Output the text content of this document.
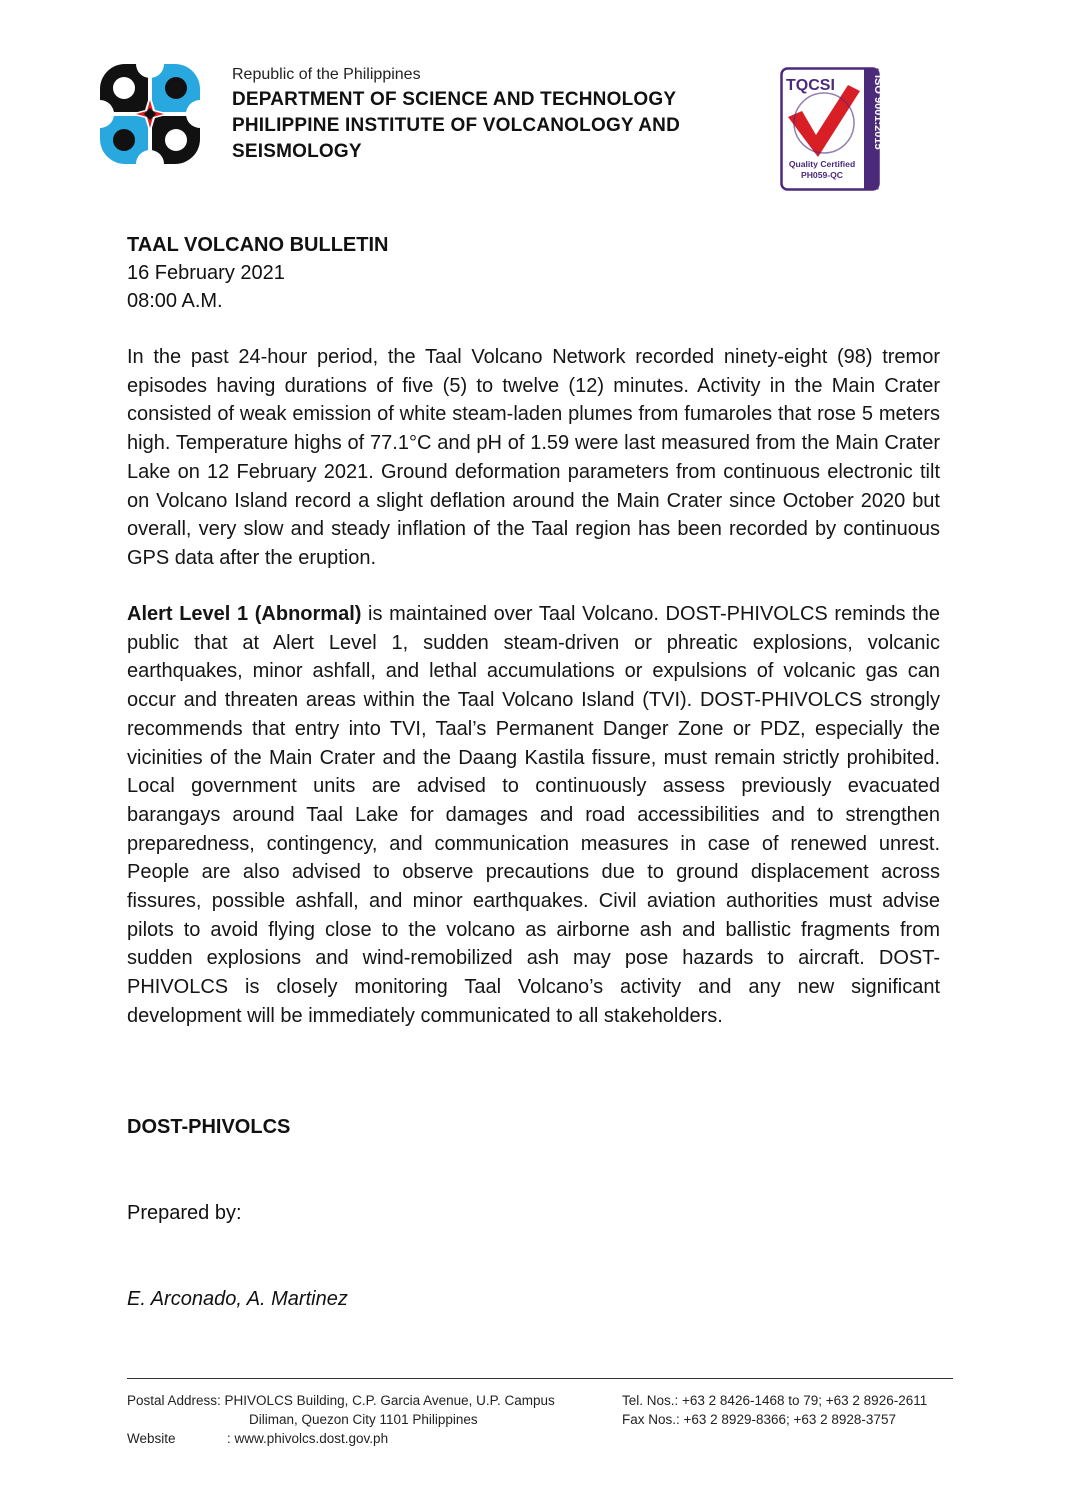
Republic of the Philippines
DEPARTMENT OF SCIENCE AND TECHNOLOGY
PHILIPPINE INSTITUTE OF VOLCANOLOGY AND
SEISMOLOGY
TQCSI
Quality Certified
PH059-QC
ISO 9001:2015
TAAL VOLCANO BULLETIN
16 February 2021
08:00 A.M.
In the past 24-hour period, the Taal Volcano Network recorded ninety-eight (98) tremor episodes having durations of five (5) to twelve (12) minutes. Activity in the Main Crater consisted of weak emission of white steam-laden plumes from fumaroles that rose 5 meters high. Temperature highs of 77.1°C and pH of 1.59 were last measured from the Main Crater Lake on 12 February 2021. Ground deformation parameters from continuous electronic tilt on Volcano Island record a slight deflation around the Main Crater since October 2020 but overall, very slow and steady inflation of the Taal region has been recorded by continuous GPS data after the eruption.
Alert Level 1 (Abnormal) is maintained over Taal Volcano. DOST-PHIVOLCS reminds the public that at Alert Level 1, sudden steam-driven or phreatic explosions, volcanic earthquakes, minor ashfall, and lethal accumulations or expulsions of volcanic gas can occur and threaten areas within the Taal Volcano Island (TVI). DOST-PHIVOLCS strongly recommends that entry into TVI, Taal’s Permanent Danger Zone or PDZ, especially the vicinities of the Main Crater and the Daang Kastila fissure, must remain strictly prohibited. Local government units are advised to continuously assess previously evacuated barangays around Taal Lake for damages and road accessibilities and to strengthen preparedness, contingency, and communication measures in case of renewed unrest. People are also advised to observe precautions due to ground displacement across fissures, possible ashfall, and minor earthquakes. Civil aviation authorities must advise pilots to avoid flying close to the volcano as airborne ash and ballistic fragments from sudden explosions and wind-remobilized ash may pose hazards to aircraft. DOST-PHIVOLCS is closely monitoring Taal Volcano’s activity and any new significant development will be immediately communicated to all stakeholders.
DOST-PHIVOLCS
Prepared by:
E. Arconado, A. Martinez
Postal Address: PHIVOLCS Building, C.P. Garcia Avenue, U.P. Campus
Diliman, Quezon City 1101 Philippines
Website	: www.phivolcs.dost.gov.ph
Tel. Nos.: +63 2 8426-1468 to 79; +63 2 8926-2611
Fax Nos.: +63 2 8929-8366; +63 2 8928-3757
